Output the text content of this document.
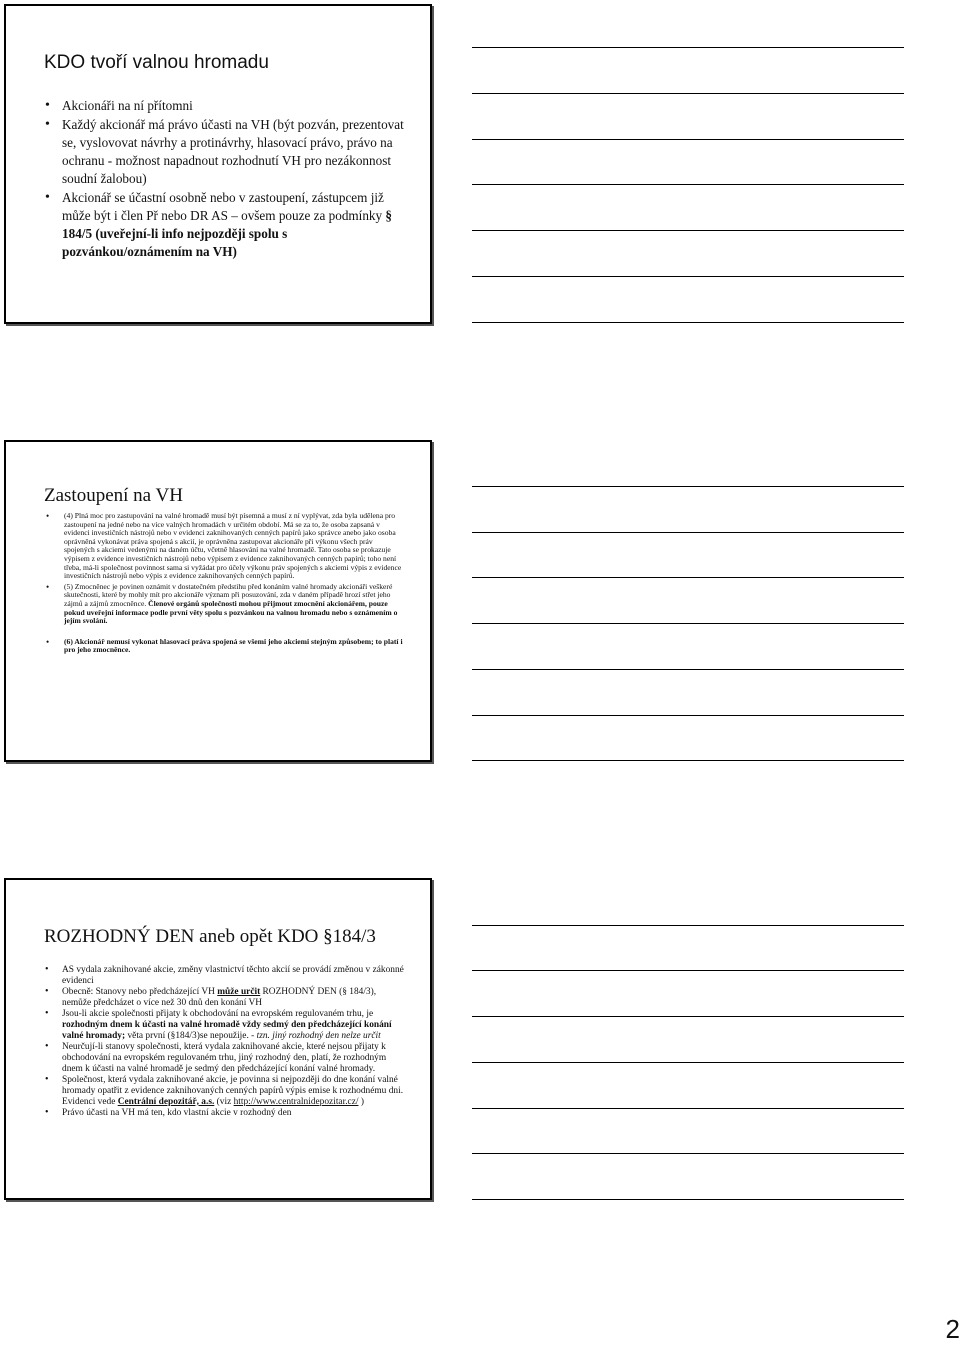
KDO tvoří valnou hromadu
• Akcionáři na ní přítomni
• Každý akcionář má právo účasti na VH (být pozván, prezentovat se, vyslovovat návrhy a protinávrhy, hlasovací právo, právo na ochranu - možnost napadnout rozhodnutí VH pro nezákonnost soudní žalobou)
• Akcionář se účastní osobně nebo v zastoupení, zástupcem již může být i člen Př nebo DR AS – ovšem pouze za podmínky § 184/5 (uveřejní-li info nejpozději spolu s pozvánkou/oznámením na VH)
Zastoupení na VH
• (4) Plná moc pro zastupování na valné hromadě musí být písemná a musí z ní vyplývat, zda byla udělena pro zastoupení na jedné nebo na více valných hromadách v určitém období. Má se za to, že osoba zapsaná v evidenci investičních nástrojů nebo v evidenci zaknihovaných cenných papírů jako správce anebo jako osoba oprávněná vykonávat práva spojená s akcií, je oprávněna zastupovat akcionáře při výkonu všech práv spojených s akciemi vedenými na daném účtu, včetně hlasování na valné hromadě. Tato osoba se prokazuje výpisem z evidence investičních nástrojů nebo výpisem z evidence zaknihovaných cenných papírů; toho není třeba, má-li společnost povinnost sama si vyžádat pro účely výkonu práv spojených s akciemi výpis z evidence investičních nástrojů nebo výpis z evidence zaknihovaných cenných papírů.
• (5) Zmocněnec je povinen oznámit v dostatečném předstihu před konáním valné hromady akcionáři veškeré skutečnosti, které by mohly mít pro akcionáře význam při posuzování, zda v daném případě hrozí střet jeho zájmů a zájmů zmocněnce. Členové orgánů společnosti mohou přijmout zmocnění akcionářem, pouze pokud uveřejní informace podle první věty spolu s pozvánkou na valnou hromadu nebo s oznámením o jejím svolání.
• (6) Akcionář nemusí vykonat hlasovací práva spojená se všemi jeho akciemi stejným způsobem; to platí i pro jeho zmocněnce.
ROZHODNÝ DEN aneb opět KDO §184/3
• AS vydala zaknihované akcie, změny vlastnictví těchto akcií se provádí změnou v zákonné evidenci
• Obecně: Stanovy nebo předcházející VH může určit ROZHODNÝ DEN (§ 184/3), nemůže předcházet o více než 30 dnů den konání VH
• Jsou-li akcie společnosti přijaty k obchodování na evropském regulovaném trhu, je rozhodným dnem k účasti na valné hromadě vždy sedmý den předcházející konání valné hromady; věta první (§184/3)se nepoužije. - tzn. jiný rozhodný den nelze určit
• Neurčují-li stanovy společnosti, která vydala zaknihované akcie, které nejsou přijaty k obchodování na evropském regulovaném trhu, jiný rozhodný den, platí, že rozhodným dnem k účasti na valné hromadě je sedmý den předcházející konání valné hromady.
• Společnost, která vydala zaknihované akcie, je povinna si nejpozději do dne konání valné hromady opatřit z evidence zaknihovaných cenných papírů výpis emise k rozhodnému dni. Evidenci vede Centrální depozitář, a.s. (viz http://www.centralnidepozitar.cz/ )
• Právo účasti na VH má ten, kdo vlastní akcie v rozhodný den
2
